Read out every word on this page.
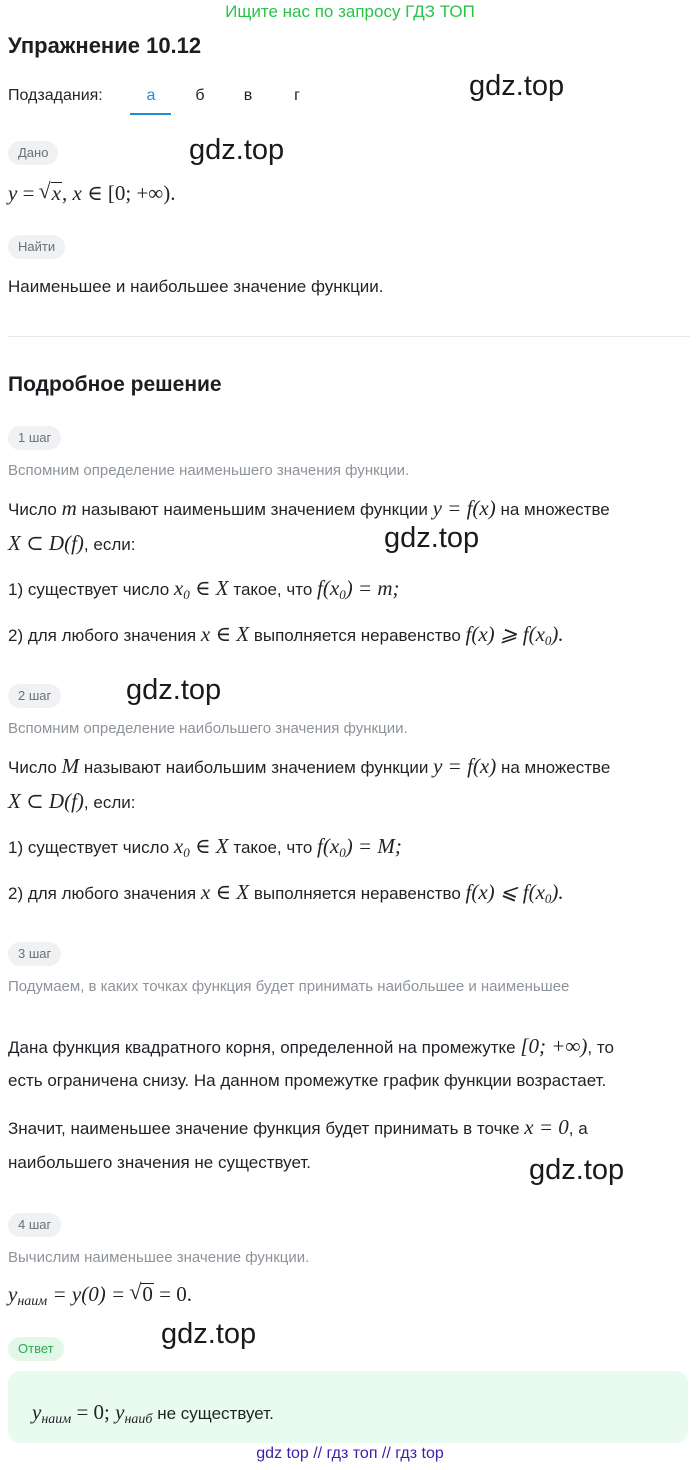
Ищите нас по запросу ГДЗ ТОП
Упражнение 10.12
gdz.top
gdz.top
gdz.top
gdz.top
gdz.top
gdz.top
Подзадания:	а	б	в	г
Дано
y = √ x, x ∈ [0; +∞).
Найти
Наименьшее и наибольшее значение функции.
Подробное решение
1 шаг
Вспомним определение наименьшего значения функции.
Число m называют наименьшим значением функции y = f(x) на множестве
X ⊂ D(f), если:
1) существует число $x_0$ ∈ X такое, что $f(x_0) = m$;
2) для любого значения x ∈ X выполняется неравенство f(x) ⩾ $f(x_0)$.
2 шаг
Вспомним определение наибольшего значения функции.
Число M называют наибольшим значением функции y = f(x) на множестве
X ⊂ D(f), если:
1) существует число $x_0$ ∈ X такое, что $f(x_0) = M$;
2) для любого значения x ∈ X выполняется неравенство f(x) ⩽ $f(x_0)$.
3 шаг
Подумаем, в каких точках функция будет принимать наибольшее и наименьшее
Дана функция квадратного корня, определенной на промежутке [0; +∞), то
есть ограничена снизу. На данном промежутке график функции возрастает.
Значит, наименьшее значение функция будет принимать в точке x = 0, а
наибольшего значения не существует.
4 шаг
Вычислим наименьшее значение функции.
yнаим = y(0) = √ 0 = 0.
Ответ
yнаим = 0; yнаиб не существует.
gdz top // гдз топ // гдз top
